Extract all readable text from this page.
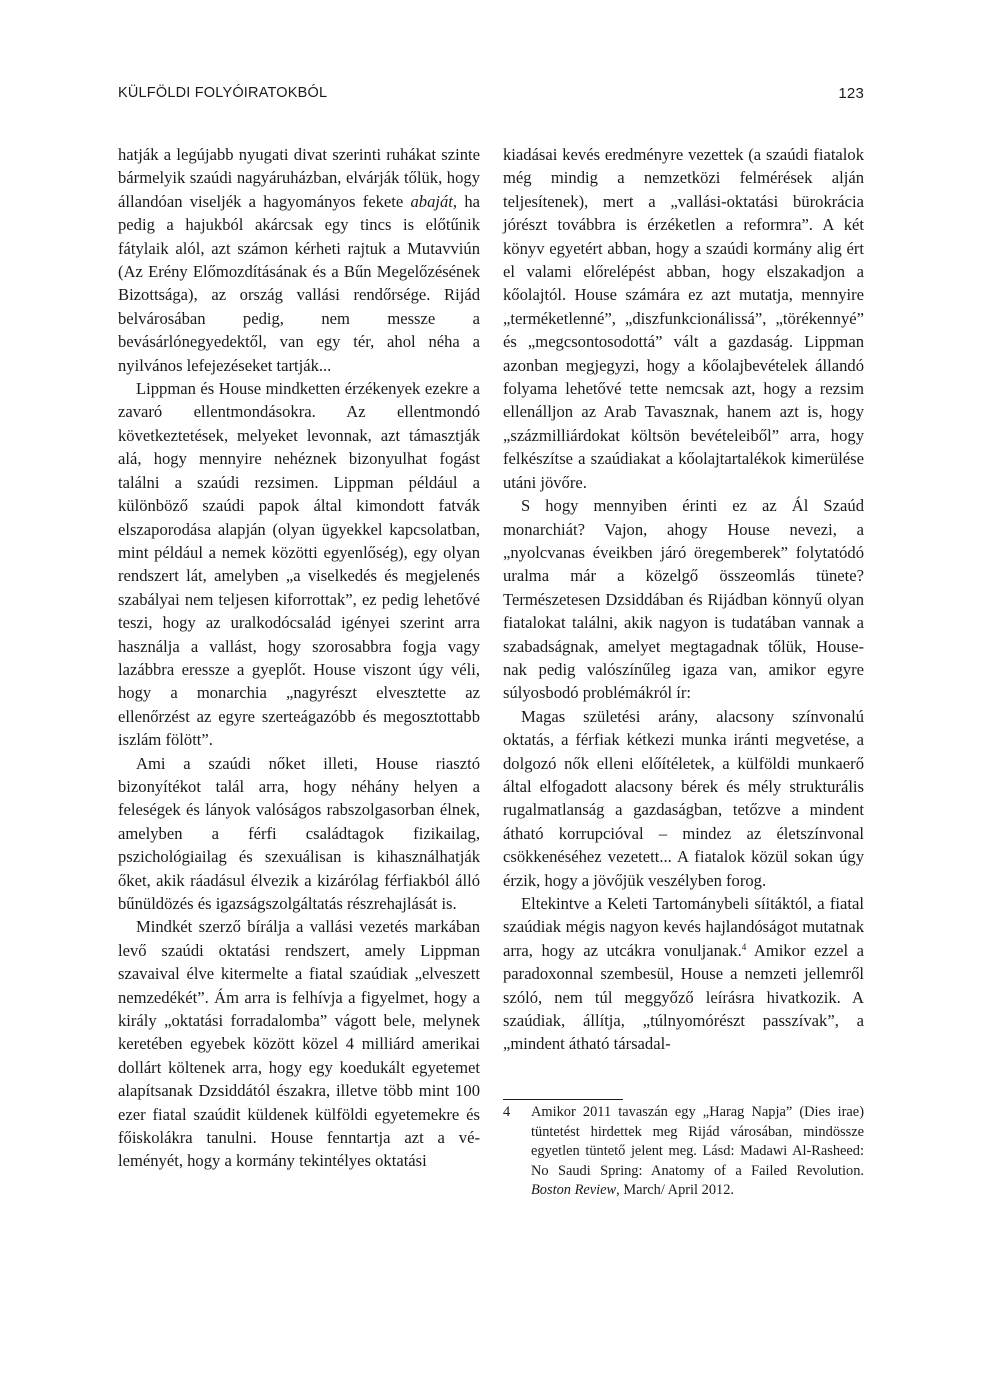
KÜLFÖLDI FOLYÓIRATOKBÓL	123

hatják a legújabb nyugati divat szerinti ruhákat szinte bármelyik szaúdi nagyáruházban, elvárják tőlük, hogy állandóan viseljék a hagyományos fekete abaját, ha pedig a hajukból akárcsak egy tincs is előtűnik fátylaik alól, azt számon kérheti rajtuk a Mutavviún (Az Erény Előmozdításának és a Bűn Megelőzésének Bizottsága), az ország vallási rendőrsége. Rijád belvárosában pedig, nem messze a bevásárlónegyedektől, van egy tér, ahol néha a nyilvános lefejezéseket tartják...

Lippman és House mindketten érzékenyek ezekre a zavaró ellentmondásokra. Az ellentmondó következtetések, melyeket levonnak, azt támasztják alá, hogy mennyire nehéznek bizonyulhat fogást találni a szaúdi rezsimen. Lippman például a különböző szaúdi papok által kimondott fatvák elszaporodása alapján (olyan ügyekkel kapcsolatban, mint például a nemek közötti egyenlőség), egy olyan rendszert lát, amelyben „a viselkedés és megjelenés szabályai nem teljesen kiforrottak”, ez pedig lehetővé teszi, hogy az uralkodócsalád igényei szerint arra használja a vallást, hogy szorosabbra fogja vagy lazábbra eressze a gyeplőt. House viszont úgy véli, hogy a monarchia „nagyrészt elvesztette az ellenőrzést az egyre szerteágazóbb és megosztottabb iszlám fölött”.

Ami a szaúdi nőket illeti, House riasztó bizonyítékot talál arra, hogy néhány helyen a feleségek és lányok valóságos rabszolgasorban élnek, amelyben a férfi családtagok fizikailag, pszichológiailag és szexuálisan is kihasználhatják őket, akik ráadásul élvezik a kizárólag férfiakból álló bűnüldözés és igazságszolgáltatás részrehajlását is.

Mindkét szerző bírálja a vallási vezetés markában levő szaúdi oktatási rendszert, amely Lippman szavaival élve kitermelte a fiatal szaúdiak „elveszett nemzedékét”. Ám arra is felhívja a figyelmet, hogy a király „oktatási forradalomba” vágott bele, melynek keretében egyebek között közel 4 milliárd amerikai dollárt költenek arra, hogy egy koedukált egyetemet alapítsanak Dzsiddától északra, illetve több mint 100 ezer fiatal szaúdit küldenek külföldi egyetemekre és főiskolákra tanulni. House fenntartja azt a véleményét, hogy a kormány tekintélyes oktatási

kiadásai kevés eredményre vezettek (a szaúdi fiatalok még mindig a nemzetközi felmérések alján teljesítenek), mert a „vallási-oktatási bürokrácia jórészt továbbra is érzéketlen a reformra”. A két könyv egyetért abban, hogy a szaúdi kormány alig ért el valami előrelépést abban, hogy elszakadjon a kőolajtól. House számára ez azt mutatja, mennyire „terméketlenné”, „diszfunkcionálissá”, „törékennyé” és „megcsontosodottá” vált a gazdaság. Lippman azonban megjegyzi, hogy a kőolajbevételek állandó folyama lehetővé tette nemcsak azt, hogy a rezsim ellenálljon az Arab Tavasznak, hanem azt is, hogy „százmilliárdokat költsön bevételeiből” arra, hogy felkészítse a szaúdiakat a kőolajtartalékok kimerülése utáni jövőre.

S hogy mennyiben érinti ez az Ál Szaúd monarchiát? Vajon, ahogy House nevezi, a „nyolcvanas éveikben járó öregemberek” folytatódó uralma már a közelgő összeomlás tünete? Természetesen Dzsiddában és Rijádban könnyű olyan fiatalokat találni, akik nagyon is tudatában vannak a szabadságnak, amelyet megtagadnak tőlük, House-nak pedig valószínűleg igaza van, amikor egyre súlyosbodó problémákról ír:

Magas születési arány, alacsony színvonalú oktatás, a férfiak kétkezi munka iránti megvetése, a dolgozó nők elleni előítéletek, a külföldi munkaerő által elfogadott alacsony bérek és mély strukturális rugalmatlanság a gazdaságban, tetőzve a mindent átható korrupcióval – mindez az életszínvonal csökkenéséhez vezetett... A fiatalok közül sokan úgy érzik, hogy a jövőjük veszélyben forog.

Eltekintve a Keleti Tartománybeli síitáktól, a fiatal szaúdiak mégis nagyon kevés hajlandóságot mutatnak arra, hogy az utcákra vonuljanak.$^4$ Amikor ezzel a paradoxonnal szembesül, House a nemzeti jellemről szóló, nem túl meggyőző leírásra hivatkozik. A szaúdiak, állítja, „túlnyomórészt passzívak”, a „mindent átható társadal-

4 Amikor 2011 tavaszán egy „Harag Napja” (Dies irae) tüntetést hirdettek meg Rijád városában, mindössze egyetlen tüntető jelent meg. Lásd: Madawi Al-Rasheed: No Saudi Spring: Anatomy of a Failed Revolution. Boston Review, March/ April 2012.
